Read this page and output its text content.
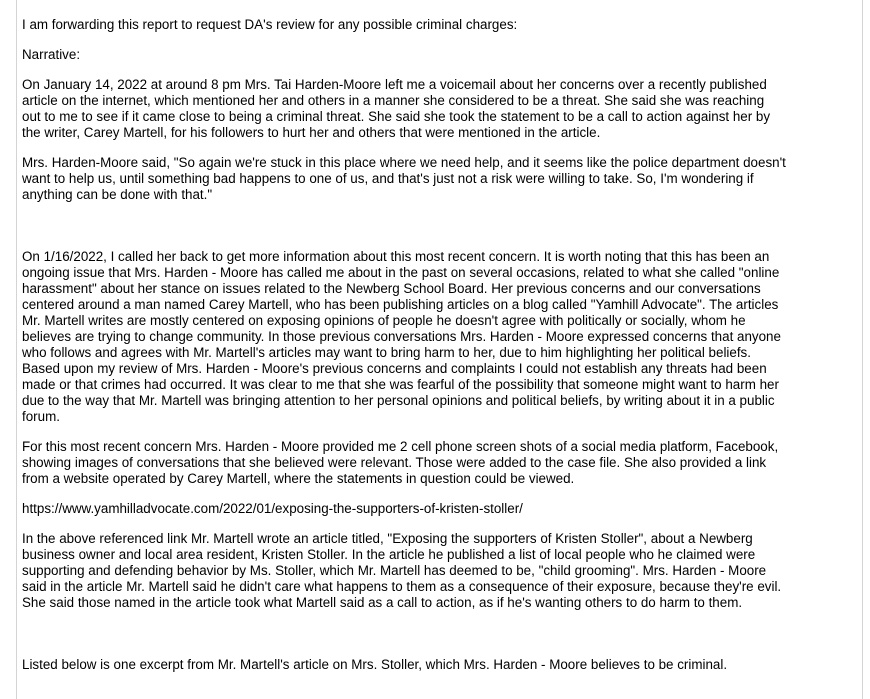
I am forwarding this report to request DA's review for any possible criminal charges:

Narrative:

On January 14, 2022 at around 8 pm Mrs. Tai Harden-Moore left me a voicemail about her concerns over a recently published

article on the internet, which mentioned her and others in a manner she considered to be a threat. She said she was reaching

out to me to see if it came close to being a criminal threat. She said she took the statement to be a call to action against her by

the writer, Carey Martell, for his followers to hurt her and others that were mentioned in the article.

Mrs. Harden-Moore said, "So again we're stuck in this place where we need help, and it seems like the police department doesn't

want to help us, until something bad happens to one of us, and that's just not a risk were willing to take. So, I'm wondering if

anything can be done with that."

On 1/16/2022, I called her back to get more information about this most recent concern. It is worth noting that this has been an

ongoing issue that Mrs. Harden - Moore has called me about in the past on several occasions, related to what she called "online

harassment" about her stance on issues related to the Newberg School Board. Her previous concerns and our conversations

centered around a man named Carey Martell, who has been publishing articles on a blog called "Yamhill Advocate". The articles

Mr. Martell writes are mostly centered on exposing opinions of people he doesn't agree with politically or socially, whom he

believes are trying to change community. In those previous conversations Mrs. Harden - Moore expressed concerns that anyone

who follows and agrees with Mr. Martell's articles may want to bring harm to her, due to him highlighting her political beliefs.

Based upon my review of Mrs. Harden - Moore's previous concerns and complaints I could not establish any threats had been

made or that crimes had occurred. It was clear to me that she was fearful of the possibility that someone might want to harm her

due to the way that Mr. Martell was bringing attention to her personal opinions and political beliefs, by writing about it in a public

forum.

For this most recent concern Mrs. Harden - Moore provided me 2 cell phone screen shots of a social media platform, Facebook,

showing images of conversations that she believed were relevant. Those were added to the case file. She also provided a link

from a website operated by Carey Martell, where the statements in question could be viewed.

https://www.yamhilladvocate.com/2022/01/exposing-the-supporters-of-kristen-stoller/

In the above referenced link Mr. Martell wrote an article titled, "Exposing the supporters of Kristen Stoller", about a Newberg

business owner and local area resident, Kristen Stoller. In the article he published a list of local people who he claimed were

supporting and defending behavior by Ms. Stoller, which Mr. Martell has deemed to be, "child grooming". Mrs. Harden - Moore

said in the article Mr. Martell said he didn't care what happens to them as a consequence of their exposure, because they're evil.

She said those named in the article took what Martell said as a call to action, as if he's wanting others to do harm to them.

Listed below is one excerpt from Mr. Martell's article on Mrs. Stoller, which Mrs. Harden - Moore believes to be criminal.
